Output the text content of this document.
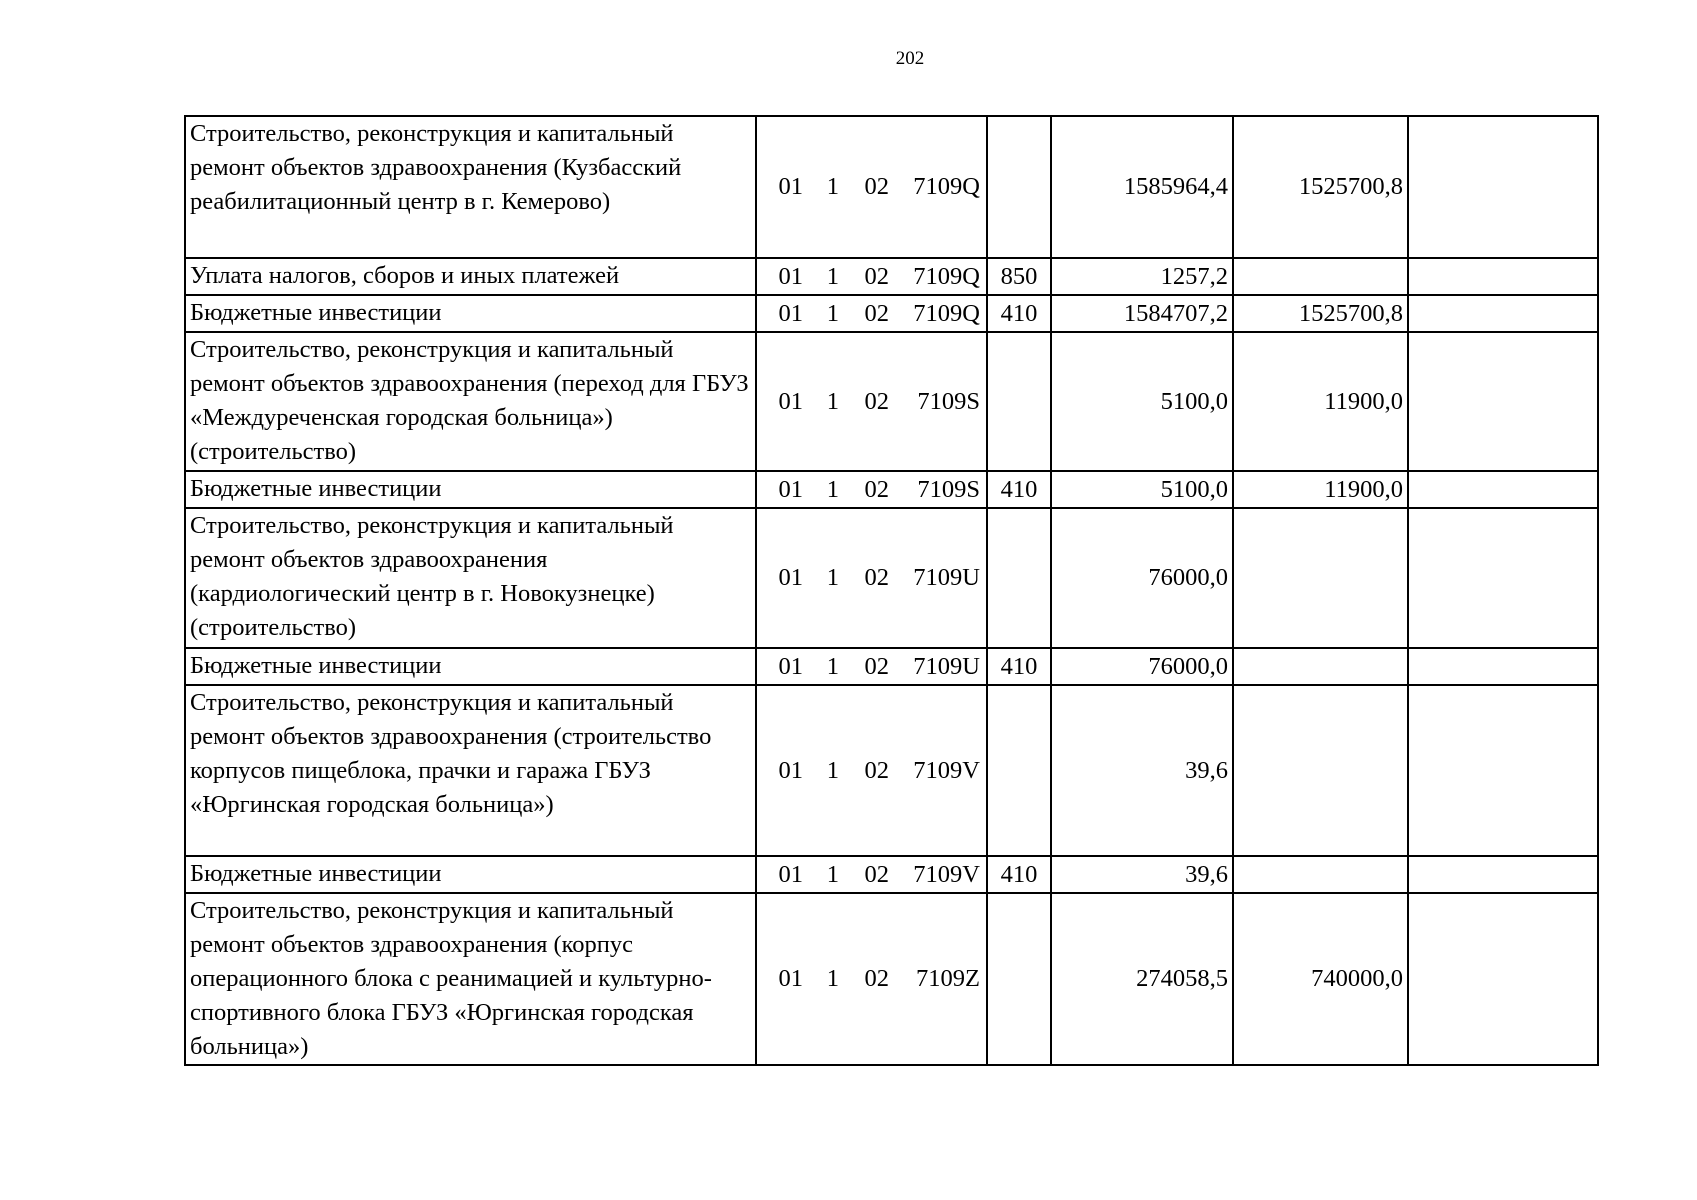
202
Строительство, реконструкция и капитальный ремонт объектов здравоохранения (Кузбасский реабилитационный центр в г. Кемерово)	01 1 02 7109Q		1585964,4	1525700,8	
Уплата налогов, сборов и иных платежей	01 1 02 7109Q	850	1257,2		
Бюджетные инвестиции	01 1 02 7109Q	410	1584707,2	1525700,8	
Строительство, реконструкция и капитальный ремонт объектов здравоохранения (переход для ГБУЗ «Междуреченская городская больница») (строительство)	01 1 02 7109S		5100,0	11900,0	
Бюджетные инвестиции	01 1 02 7109S	410	5100,0	11900,0	
Строительство, реконструкция и капитальный ремонт объектов здравоохранения (кардиологический центр в г. Новокузнецке) (строительство)	01 1 02 7109U		76000,0		
Бюджетные инвестиции	01 1 02 7109U	410	76000,0		
Строительство, реконструкция и капитальный ремонт объектов здравоохранения (строительство корпусов пищеблока, прачки и гаража ГБУЗ «Юргинская городская больница»)	01 1 02 7109V		39,6		
Бюджетные инвестиции	01 1 02 7109V	410	39,6		
Строительство, реконструкция и капитальный ремонт объектов здравоохранения (корпус операционного блока с реанимацией и культурно-спортивного блока ГБУЗ «Юргинская городская больница»)	01 1 02 7109Z		274058,5	740000,0	
